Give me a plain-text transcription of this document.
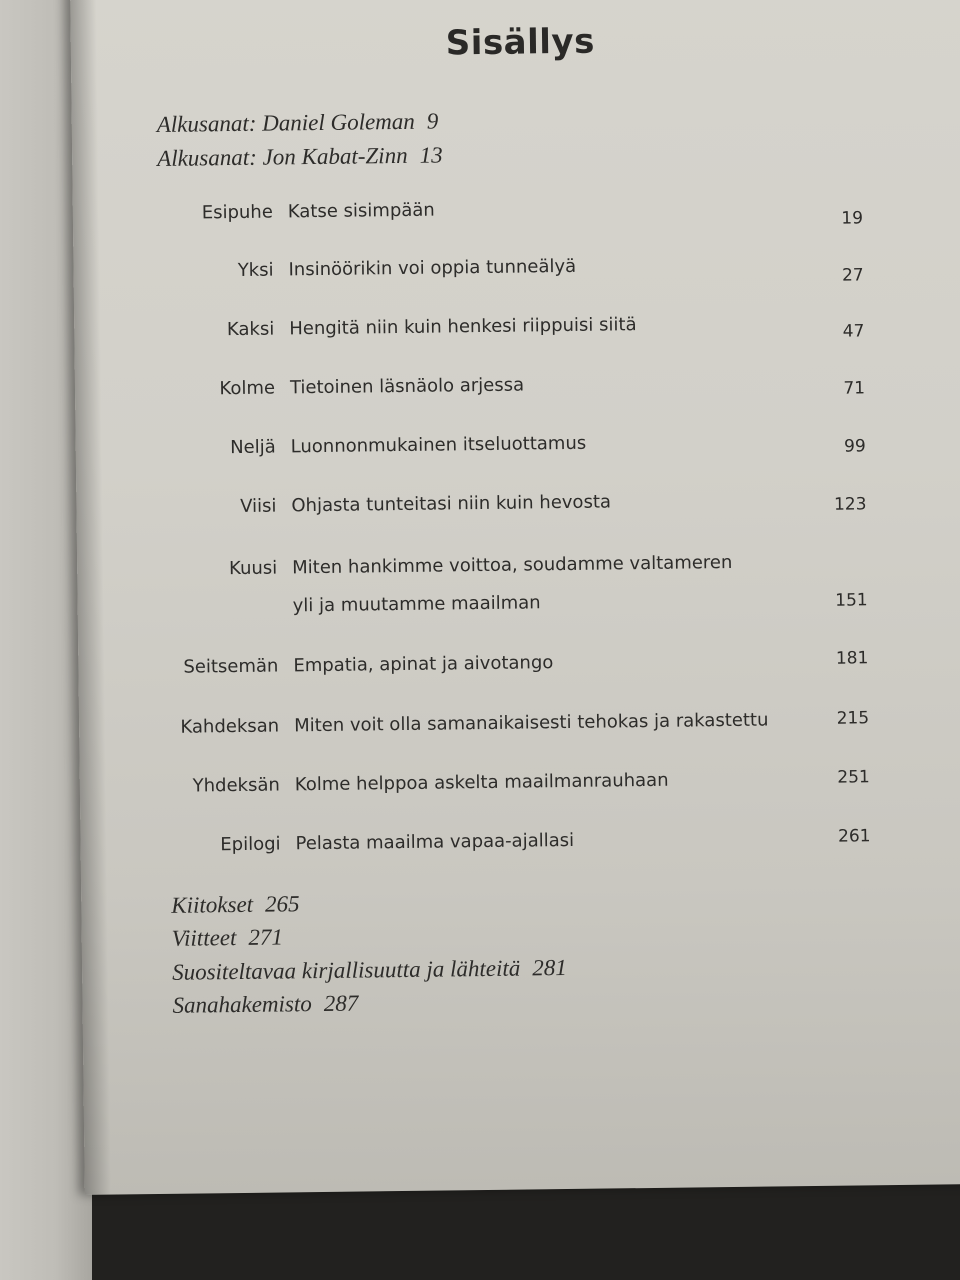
Sisällys
Alkusanat: Daniel Goleman 9
Alkusanat: Jon Kabat-Zinn 13
Esipuhe Katse sisimpään	19
Yksi Insinöörikin voi oppia tunneälyä	27
Kaksi Hengitä niin kuin henkesi riippuisi siitä	47
Kolme Tietoinen läsnäolo arjessa	71
Neljä Luonnonmukainen itseluottamus	99
Viisi Ohjasta tunteitasi niin kuin hevosta	123
Kuusi Miten hankimme voittoa, soudamme valtameren
yli ja muutamme maailman	151
Seitsemän Empatia, apinat ja aivotango	181
Kahdeksan Miten voit olla samanaikaisesti tehokas ja rakastettu	215
Yhdeksän Kolme helppoa askelta maailmanrauhaan	251
Epilogi Pelasta maailma vapaa-ajallasi	261
Kiitokset 265
Viitteet 271
Suositeltavaa kirjallisuutta ja lähteitä 281
Sanahakemisto 287
